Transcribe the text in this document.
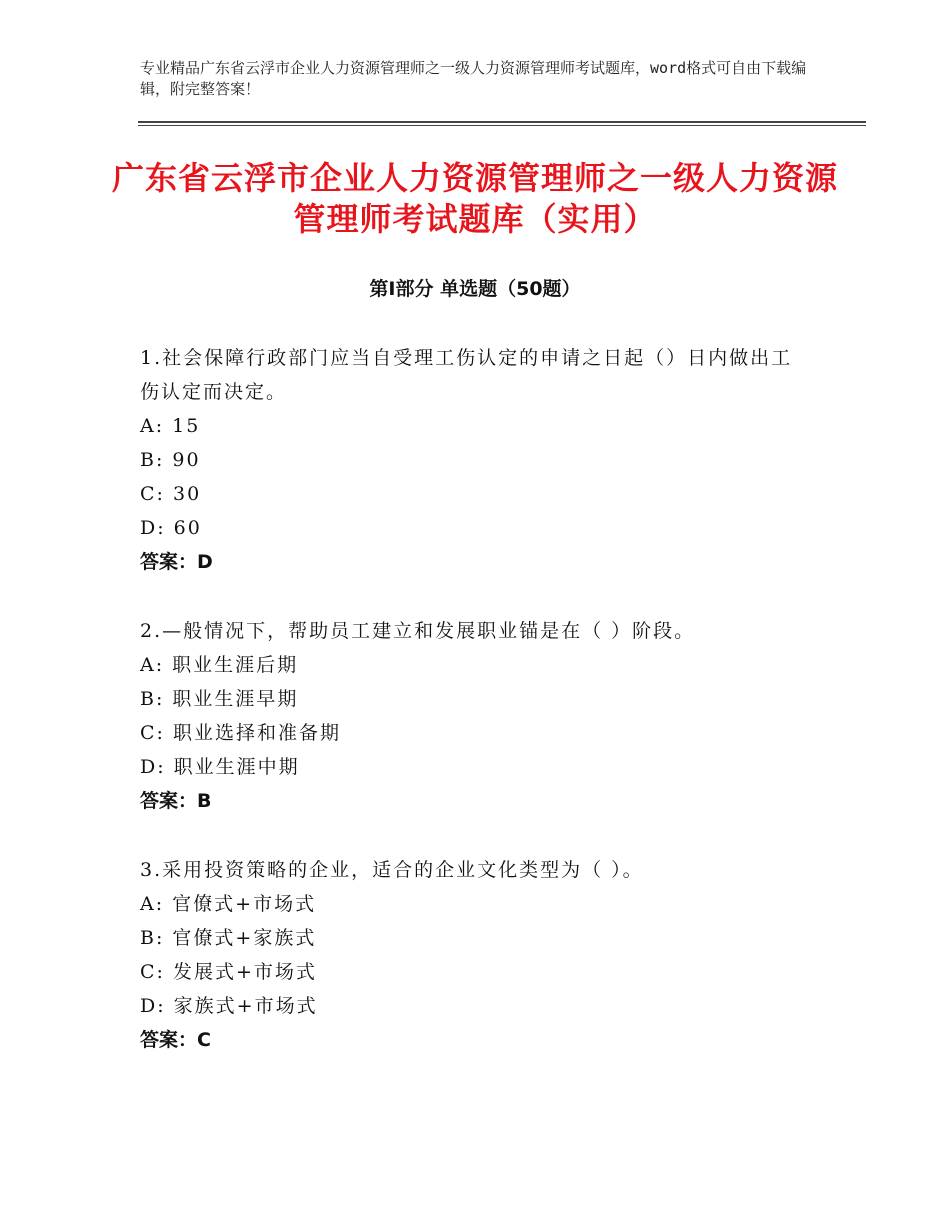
专业精品广东省云浮市企业人力资源管理师之一级人力资源管理师考试题库，word格式可自由下载编辑，附完整答案！
广东省云浮市企业人力资源管理师之一级人力资源管理师考试题库（实用）
第Ⅰ部分 单选题（50题）

1.社会保障行政部门应当自受理工伤认定的申请之日起（）日内做出工伤认定而决定。

A: 15

B: 90

C: 30

D: 60

答案：D

2.—般情况下，帮助员工建立和发展职业锚是在（ ）阶段。

A: 职业生涯后期

B: 职业生涯早期

C: 职业选择和准备期

D: 职业生涯中期

答案：B

3.采用投资策略的企业，适合的企业文化类型为（ ）。

A: 官僚式+市场式

B: 官僚式+家族式

C: 发展式+市场式

D: 家族式+市场式

答案：C
